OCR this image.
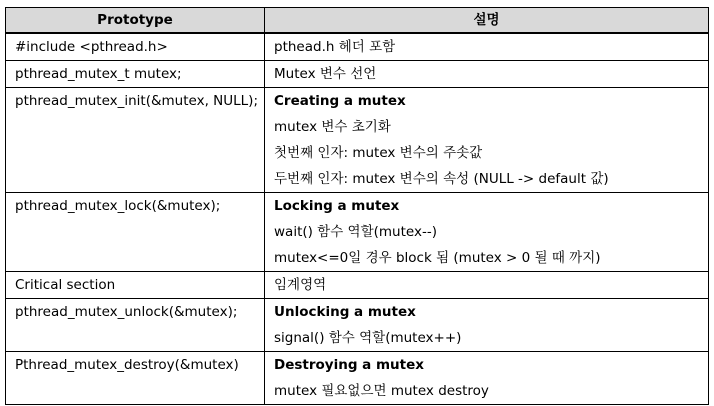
Prototype	설명

#include <pthread.h>	pthead.h 헤더 포함

pthread_mutex_t mutex;	Mutex 변수 선언

pthread_mutex_init(&mutex, NULL);	Creating a mutex
mutex 변수 초기화
첫번째 인자: mutex 변수의 주솟값
두번째 인자: mutex 변수의 속성 (NULL -> default 값)

pthread_mutex_lock(&mutex);	Locking a mutex
wait() 함수 역할(mutex--)
mutex<=0일 경우 block 됨 (mutex > 0 될 때 까지)

Critical section	임계영역

pthread_mutex_unlock(&mutex);	Unlocking a mutex
signal() 함수 역할(mutex++)

Pthread_mutex_destroy(&mutex)	Destroying a mutex
mutex 필요없으면 mutex destroy
